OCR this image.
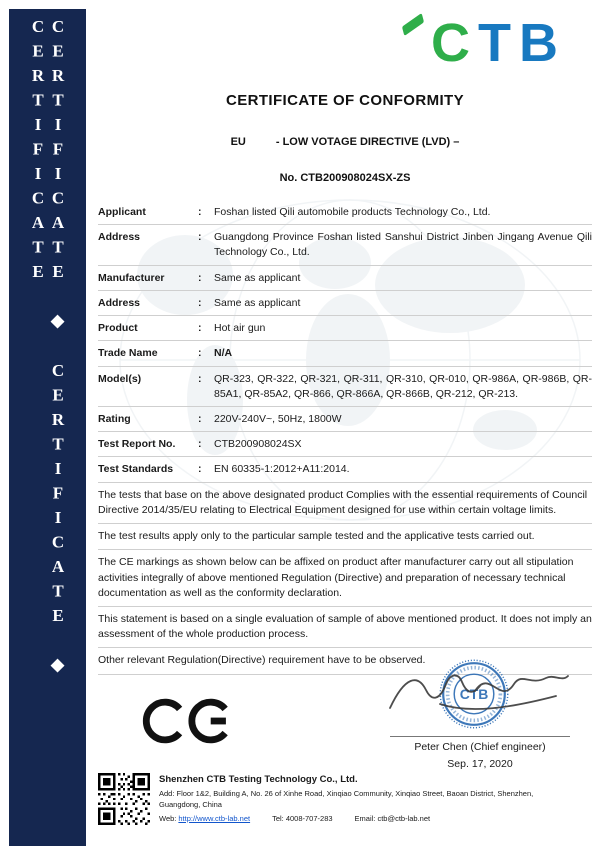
CERTIFICATE ◆ CERTIFICATE ◆ CERTIFICATE	CTB
CERTIFICATE OF CONFORMITY
EU	- LOW VOTAGE DIRECTIVE (LVD) –
No. CTB200908024SX-ZS
Applicant	:	Foshan listed Qili automobile products Technology Co., Ltd.
Address	:	Guangdong Province Foshan listed Sanshui District Jinben Jingang Avenue Qili Technology Co., Ltd.
Manufacturer	:	Same as applicant
Address	:	Same as applicant
Product	:	Hot air gun
Trade Name	:	N/A
Model(s)	:	QR-323, QR-322, QR-321, QR-311, QR-310, QR-010, QR-986A, QR-986B, QR-85A1, QR-85A2, QR-866, QR-866A, QR-866B, QR-212, QR-213.
Rating	:	220V-240V~, 50Hz, 1800W
Test Report No.	:	CTB200908024SX
Test Standards	:	EN 60335-1:2012+A11:2014.
The tests that base on the above designated product Complies with the essential requirements of Council Directive 2014/35/EU relating to Electrical Equipment designed for use within certain voltage limits.
The test results apply only to the particular sample tested and the applicative tests carried out.
The CE markings as shown below can be affixed on product after manufacturer carry out all stipulation activities integrally of above mentioned Regulation (Directive) and preparation of necessary technical documentation as well as the conformity declaration.
This statement is based on a single evaluation of sample of above mentioned product. It does not imply an assessment of the whole production process.
Other relevant Regulation(Directive) requirement have to be observed.
CTB
Peter Chen (Chief engineer)
Sep. 17, 2020
Shenzhen CTB Testing Technology Co., Ltd.
Add: Floor 1&2, Building A, No. 26 of Xinhe Road, Xinqiao Community, Xinqiao Street, Baoan District, Shenzhen, Guangdong, China
Web: http://www.ctb-lab.net	Tel: 4008-707-283	Email: ctb@ctb-lab.net
